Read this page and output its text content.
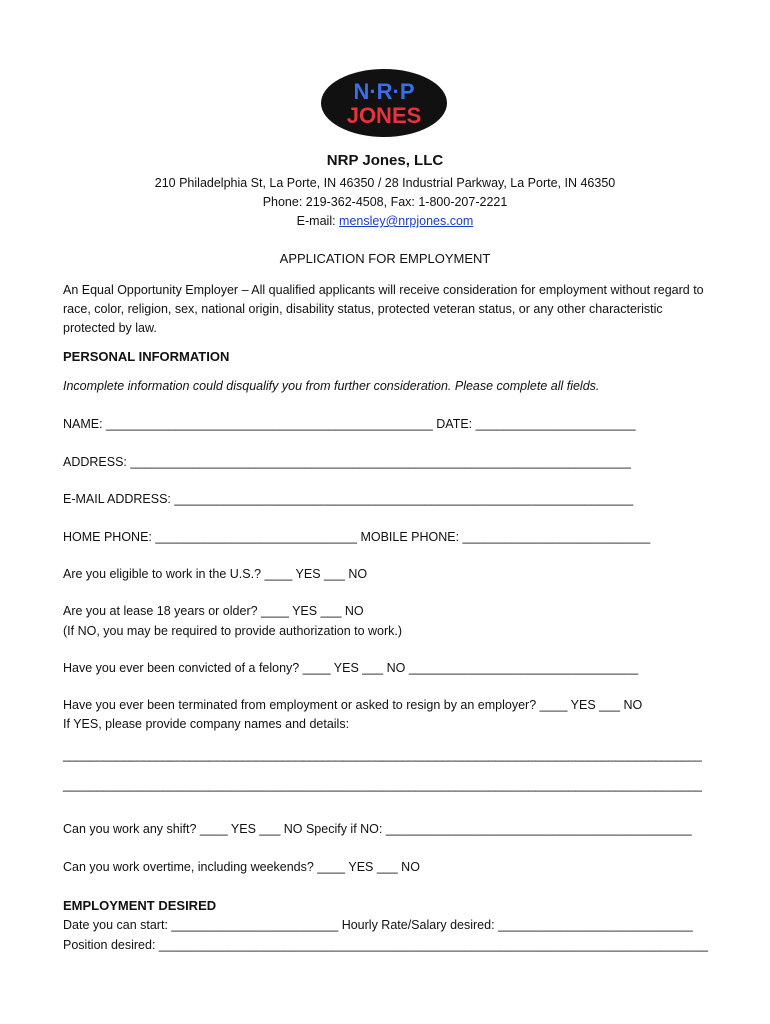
N·R·P
JONES
NRP Jones, LLC
210 Philadelphia St, La Porte, IN 46350 / 28 Industrial Parkway, La Porte, IN 46350
Phone: 219-362-4508, Fax: 1-800-207-2221
E-mail: mensley@nrpjones.com
APPLICATION FOR EMPLOYMENT
An Equal Opportunity Employer – All qualified applicants will receive consideration for employment without regard to race, color, religion, sex, national origin, disability status, protected veteran status, or any other characteristic protected by law.
PERSONAL INFORMATION
Incomplete information could disqualify you from further consideration. Please complete all fields.
NAME: _______________________________________________ DATE: _______________________
ADDRESS: ________________________________________________________________________
E-MAIL ADDRESS: __________________________________________________________________
HOME PHONE: _____________________________ MOBILE PHONE: ___________________________
Are you eligible to work in the U.S.? ____ YES ___ NO
Are you at lease 18 years or older? ____ YES ___ NO
(If NO, you may be required to provide authorization to work.)
Have you ever been convicted of a felony? ____ YES ___ NO _________________________________
Have you ever been terminated from employment or asked to resign by an employer? ____ YES ___ NO
If YES, please provide company names and details:
________________________________________________________________________________________________
________________________________________________________________________________________________
Can you work any shift? ____ YES ___ NO Specify if NO: ____________________________________________
Can you work overtime, including weekends? ____ YES ___ NO
EMPLOYMENT DESIRED
Date you can start: ________________________ Hourly Rate/Salary desired: ____________________________
Position desired: _______________________________________________________________________________
